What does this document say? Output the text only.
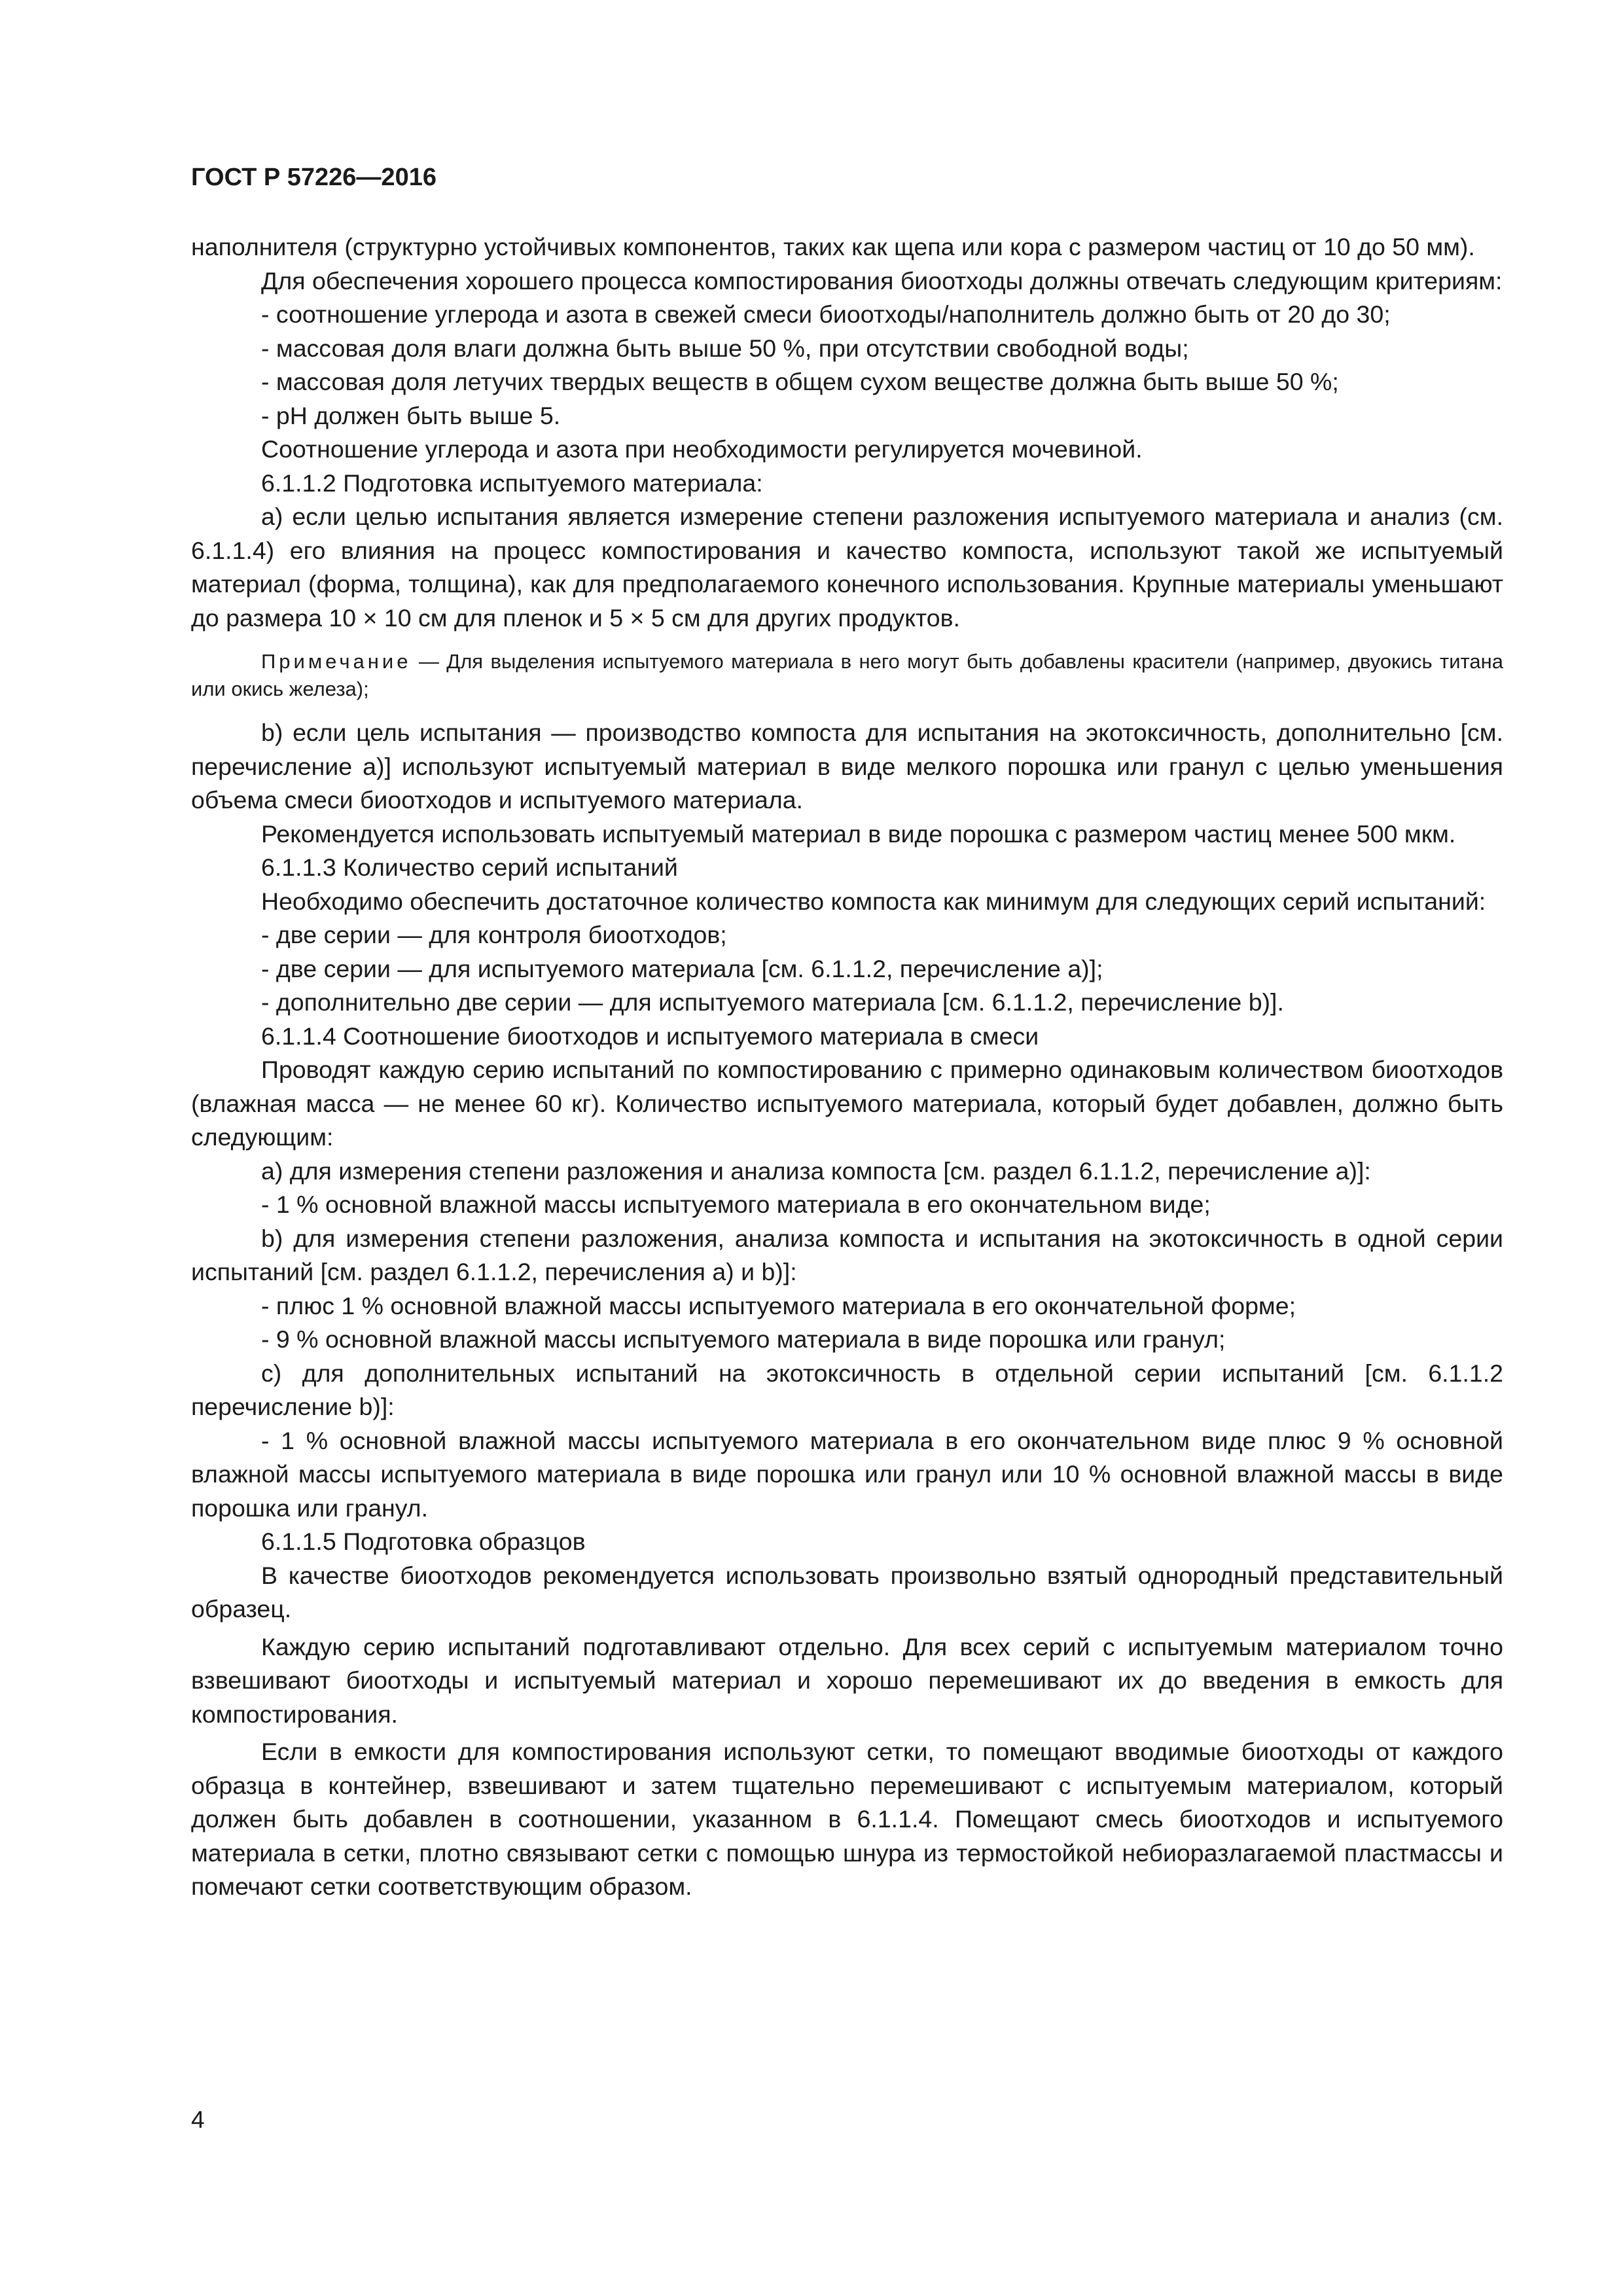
ГОСТ Р 57226—2016

наполнителя (структурно устойчивых компонентов, таких как щепа или кора с размером частиц от 10 до 50 мм).

Для обеспечения хорошего процесса компостирования биоотходы должны отвечать следующим критериям:

- соотношение углерода и азота в свежей смеси биоотходы/наполнитель должно быть от 20 до 30;

- массовая доля влаги должна быть выше 50 %, при отсутствии свободной воды;

- массовая доля летучих твердых веществ в общем сухом веществе должна быть выше 50 %;

- pH должен быть выше 5.

Соотношение углерода и азота при необходимости регулируется мочевиной.

6.1.1.2 Подготовка испытуемого материала:

а) если целью испытания является измерение степени разложения испытуемого материала и анализ (см. 6.1.1.4) его влияния на процесс компостирования и качество компоста, используют такой же испытуемый материал (форма, толщина), как для предполагаемого конечного использования. Крупные материалы уменьшают до размера 10 × 10 см для пленок и 5 × 5 см для других продуктов.

Примечание — Для выделения испытуемого материала в него могут быть добавлены красители (например, двуокись титана или окись железа);

b) если цель испытания — производство компоста для испытания на экотоксичность, дополнительно [см. перечисление а)] используют испытуемый материал в виде мелкого порошка или гранул с целью уменьшения объема смеси биоотходов и испытуемого материала.

Рекомендуется использовать испытуемый материал в виде порошка с размером частиц менее 500 мкм.

6.1.1.3 Количество серий испытаний

Необходимо обеспечить достаточное количество компоста как минимум для следующих серий испытаний:

- две серии — для контроля биоотходов;

- две серии — для испытуемого материала [см. 6.1.1.2, перечисление а)];

- дополнительно две серии — для испытуемого материала [см. 6.1.1.2, перечисление b)].

6.1.1.4 Соотношение биоотходов и испытуемого материала в смеси

Проводят каждую серию испытаний по компостированию с примерно одинаковым количеством биоотходов (влажная масса — не менее 60 кг). Количество испытуемого материала, который будет добавлен, должно быть следующим:

а) для измерения степени разложения и анализа компоста [см. раздел 6.1.1.2, перечисление а)]:

- 1 % основной влажной массы испытуемого материала в его окончательном виде;

b) для измерения степени разложения, анализа компоста и испытания на экотоксичность в одной серии испытаний [см. раздел 6.1.1.2, перечисления а) и b)]:

- плюс 1 % основной влажной массы испытуемого материала в его окончательной форме;

- 9 % основной влажной массы испытуемого материала в виде порошка или гранул;

с) для дополнительных испытаний на экотоксичность в отдельной серии испытаний [см. 6.1.1.2 перечисление b)]:

- 1 % основной влажной массы испытуемого материала в его окончательном виде плюс 9 % основной влажной массы испытуемого материала в виде порошка или гранул или 10 % основной влажной массы в виде порошка или гранул.

6.1.1.5 Подготовка образцов

В качестве биоотходов рекомендуется использовать произвольно взятый однородный представительный образец.

Каждую серию испытаний подготавливают отдельно. Для всех серий с испытуемым материалом точно взвешивают биоотходы и испытуемый материал и хорошо перемешивают их до введения в емкость для компостирования.

Если в емкости для компостирования используют сетки, то помещают вводимые биоотходы от каждого образца в контейнер, взвешивают и затем тщательно перемешивают с испытуемым материалом, который должен быть добавлен в соотношении, указанном в 6.1.1.4. Помещают смесь биоотходов и испытуемого материала в сетки, плотно связывают сетки с помощью шнура из термостойкой небиоразлагаемой пластмассы и помечают сетки соответствующим образом.

4
